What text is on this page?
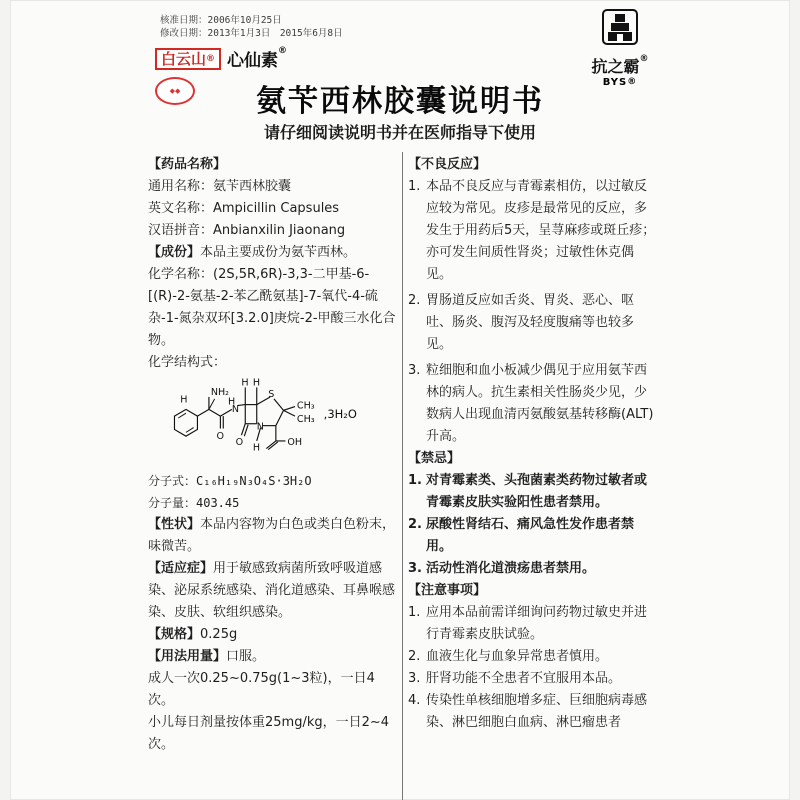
核准日期：2006年10月25日
修改日期：2013年1月3日　2015年6月8日
白云山® 心仙素®
◆◆
抗之霸®
BYS®
氨苄西林胶囊说明书
请仔细阅读说明书并在医师指导下使用
【药品名称】
通用名称：氨苄西林胶囊
英文名称：Ampicillin Capsules
汉语拼音：Anbianxilin Jiaonang
【成份】本品主要成份为氨苄西林。
化学名称：(2S,5R,6R)-3,3-二甲基-6-[(R)-2-氨基-2-苯乙酰氨基]-7-氧代-4-硫杂-1-氮杂双环[3.2.0]庚烷-2-甲酸三水化合物。
化学结构式：
H
NH₂
O
H
N
H H
S
CH₃
CH₃
N
O
H
OH
,3H₂O
分子式：C₁₆H₁₉N₃O₄S·3H₂O
分子量：403.45
【性状】本品内容物为白色或类白色粉末，味微苦。
【适应症】用于敏感致病菌所致呼吸道感染、泌尿系统感染、消化道感染、耳鼻喉感染、皮肤、软组织感染。
【规格】0.25g
【用法用量】口服。
成人一次0.25~0.75g(1~3粒)，一日4次。
小儿每日剂量按体重25mg/kg，一日2~4次。
【不良反应】
1. 本品不良反应与青霉素相仿，以过敏反应较为常见。皮疹是最常见的反应，多发生于用药后5天，呈荨麻疹或斑丘疹；亦可发生间质性肾炎；过敏性休克偶见。
2. 胃肠道反应如舌炎、胃炎、恶心、呕吐、肠炎、腹泻及轻度腹痛等也较多见。
3. 粒细胞和血小板减少偶见于应用氨苄西林的病人。抗生素相关性肠炎少见，少数病人出现血清丙氨酸氨基转移酶(ALT)升高。
【禁忌】
1. 对青霉素类、头孢菌素类药物过敏者或青霉素皮肤实验阳性患者禁用。
2. 尿酸性肾结石、痛风急性发作患者禁用。
3. 活动性消化道溃疡患者禁用。
【注意事项】
1. 应用本品前需详细询问药物过敏史并进行青霉素皮肤试验。
2. 血液生化与血象异常患者慎用。
3. 肝肾功能不全患者不宜服用本品。
4. 传染性单核细胞增多症、巨细胞病毒感染、淋巴细胞白血病、淋巴瘤患者
